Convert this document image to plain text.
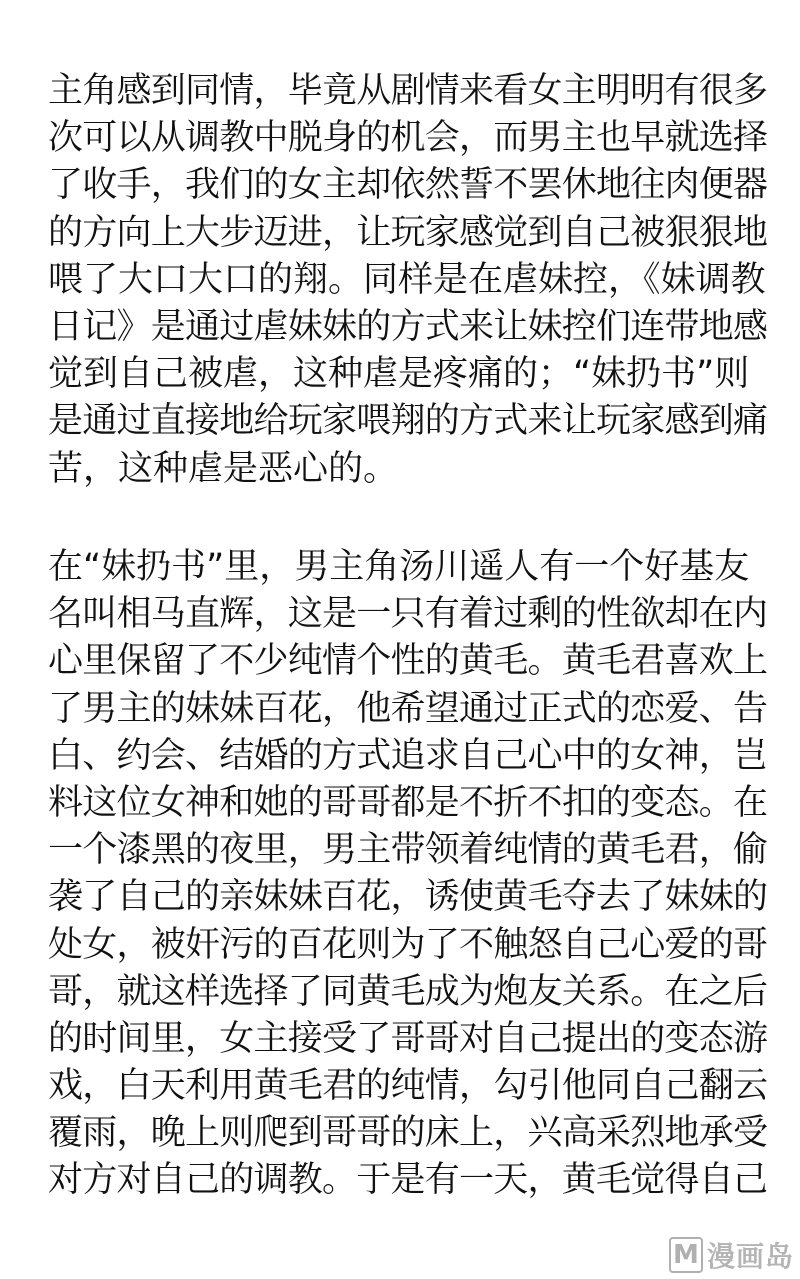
主角感到同情，毕竟从剧情来看女主明明有很多
次可以从调教中脱身的机会，而男主也早就选择
了收手，我们的女主却依然誓不罢休地往肉便器
的方向上大步迈进，让玩家感觉到自己被狠狠地
喂了大口大口的翔。同样是在虐妹控，《妹调教
日记》是通过虐妹妹的方式来让妹控们连带地感
觉到自己被虐，这种虐是疼痛的；“妹扔书”则
是通过直接地给玩家喂翔的方式来让玩家感到痛
苦，这种虐是恶心的。
在“妹扔书”里，男主角汤川遥人有一个好基友
名叫相马直辉，这是一只有着过剩的性欲却在内
心里保留了不少纯情个性的黄毛。黄毛君喜欢上
了男主的妹妹百花，他希望通过正式的恋爱、告
白、约会、结婚的方式追求自己心中的女神，岂
料这位女神和她的哥哥都是不折不扣的变态。在
一个漆黑的夜里，男主带领着纯情的黄毛君，偷
袭了自己的亲妹妹百花，诱使黄毛夺去了妹妹的
处女，被奸污的百花则为了不触怒自己心爱的哥
哥，就这样选择了同黄毛成为炮友关系。在之后
的时间里，女主接受了哥哥对自己提出的变态游
戏，白天利用黄毛君的纯情，勾引他同自己翻云
覆雨，晚上则爬到哥哥的床上，兴高采烈地承受
对方对自己的调教。于是有一天，黄毛觉得自己
M 漫画岛
